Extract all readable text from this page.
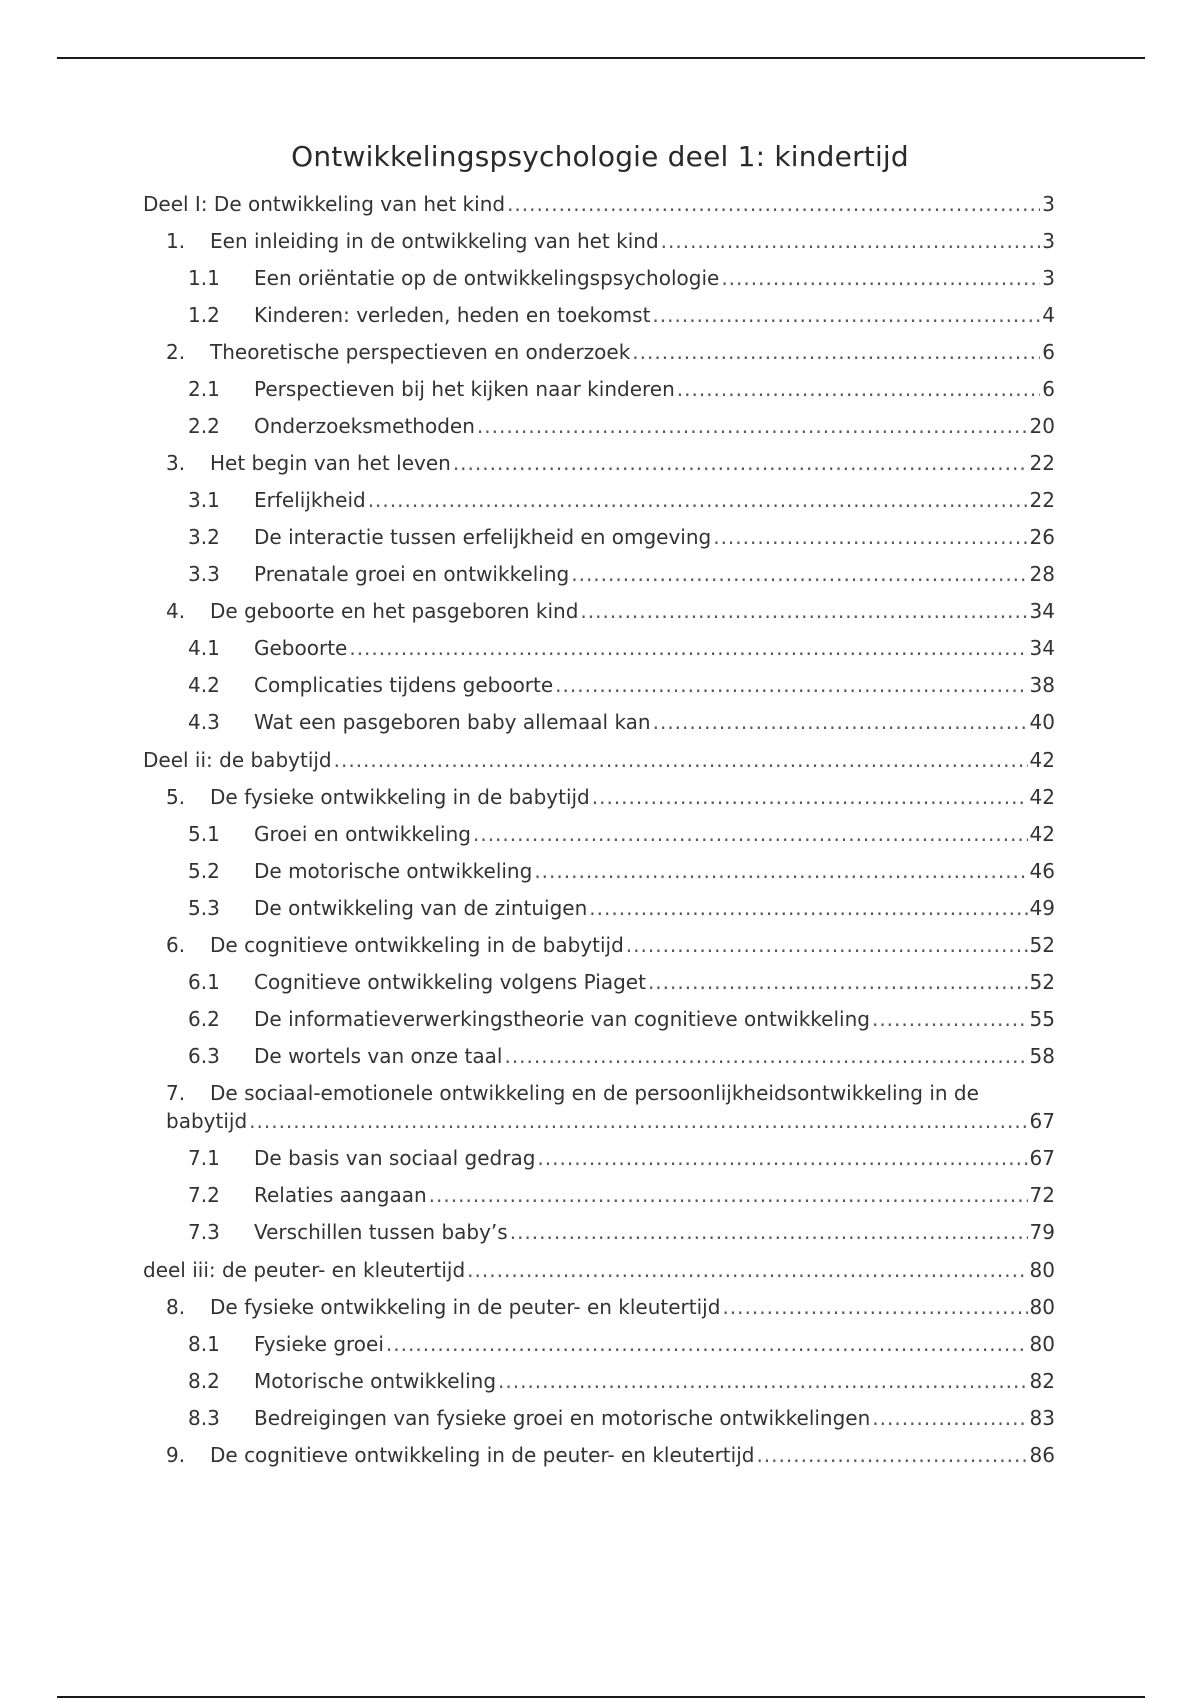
Ontwikkelingspsychologie deel 1: kindertijd
Deel I: De ontwikkeling van het kind .....	3
1.	Een inleiding in de ontwikkeling van het kind .....	3
1.1	Een oriëntatie op de ontwikkelingspsychologie .....	3
1.2	Kinderen: verleden, heden en toekomst .....	4
2.	Theoretische perspectieven en onderzoek .....	6
2.1	Perspectieven bij het kijken naar kinderen .....	6
2.2	Onderzoeksmethoden .....	20
3.	Het begin van het leven .....	22
3.1	Erfelijkheid .....	22
3.2	De interactie tussen erfelijkheid en omgeving .....	26
3.3	Prenatale groei en ontwikkeling .....	28
4.	De geboorte en het pasgeboren kind .....	34
4.1	Geboorte .....	34
4.2	Complicaties tijdens geboorte .....	38
4.3	Wat een pasgeboren baby allemaal kan .....	40
Deel ii: de babytijd .....	42
5.	De fysieke ontwikkeling in de babytijd .....	42
5.1	Groei en ontwikkeling .....	42
5.2	De motorische ontwikkeling .....	46
5.3	De ontwikkeling van de zintuigen .....	49
6.	De cognitieve ontwikkeling in de babytijd .....	52
6.1	Cognitieve ontwikkeling volgens Piaget .....	52
6.2	De informatieverwerkingstheorie van cognitieve ontwikkeling .....	55
6.3	De wortels van onze taal .....	58
7.	De sociaal-emotionele ontwikkeling en de persoonlijkheidsontwikkeling in de
babytijd .....	67
7.1	De basis van sociaal gedrag .....	67
7.2	Relaties aangaan .....	72
7.3	Verschillen tussen baby’s .....	79
deel iii: de peuter- en kleutertijd .....	80
8.	De fysieke ontwikkeling in de peuter- en kleutertijd .....	80
8.1	Fysieke groei .....	80
8.2	Motorische ontwikkeling .....	82
8.3	Bedreigingen van fysieke groei en motorische ontwikkelingen .....	83
9.	De cognitieve ontwikkeling in de peuter- en kleutertijd .....	86
